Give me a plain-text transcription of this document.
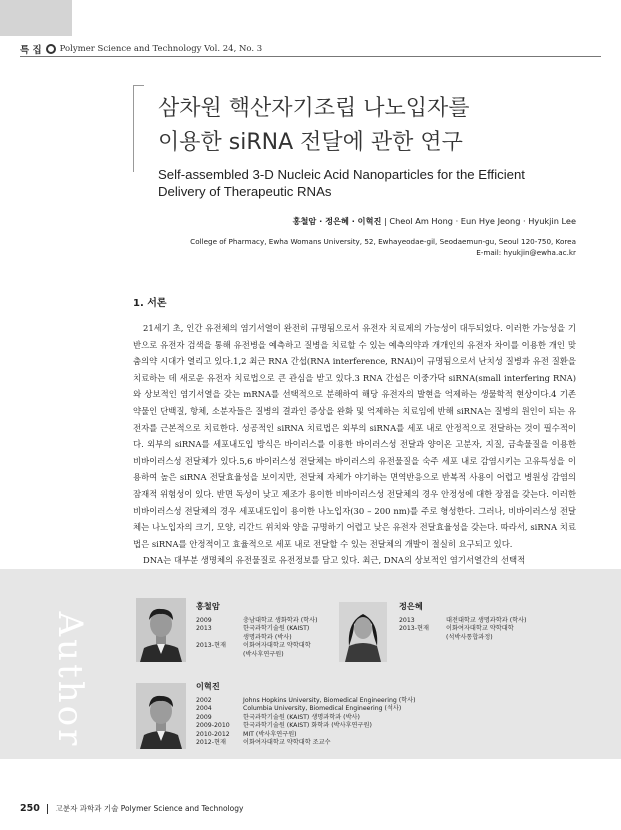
특 집 Polymer Science and Technology Vol. 24, No. 3
삼차원 핵산자기조립 나노입자를
이용한 siRNA 전달에 관한 연구
Self-assembled 3-D Nucleic Acid Nanoparticles for the Efficient
Delivery of Therapeutic RNAs
홍철암 · 정은혜 · 이혁진 | Cheol Am Hong · Eun Hye Jeong · Hyukjin Lee
College of Pharmacy, Ewha Womans University, 52, Ewhayeodae-gil, Seodaemun-gu, Seoul 120-750, Korea
E-mail: hyukjin@ewha.ac.kr
1. 서론

21세기 초, 인간 유전체의 염기서열이 완전히 규명됨으로서 유전자 치료제의 가능성이 대두되었다. 이러한 가능성을 기반으로 유전자 검색을 통해 유전병을 예측하고 질병을 치료할 수 있는 예측의약과 개개인의 유전자 차이를 이용한 개인 맞춤의약 시대가 열리고 있다.1,2 최근 RNA 간섭(RNA interference, RNAi)이 규명됨으로서 난치성 질병과 유전 질환을 치료하는 데 새로운 유전자 치료법으로 큰 관심을 받고 있다.3 RNA 간섭은 이중가닥 siRNA(small interfering RNA)와 상보적인 염기서열을 갖는 mRNA를 선택적으로 분해하여 해당 유전자의 발현을 억제하는 생물학적 현상이다.4 기존 약물인 단백질, 항체, 소분자들은 질병의 결과인 증상을 완화 및 억제하는 치료임에 반해 siRNA는 질병의 원인이 되는 유전자를 근본적으로 치료한다. 성공적인 siRNA 치료법은 외부의 siRNA를 세포 내로 안정적으로 전달하는 것이 필수적이다. 외부의 siRNA를 세포내도입 방식은 바이러스를 이용한 바이러스성 전달과 양이온 고분자, 지질, 금속물질을 이용한 비바이러스성 전달체가 있다.5,6 바이러스성 전달체는 바이러스의 유전물질을 숙주 세포 내로 감염시키는 고유특성을 이용하여 높은 siRNA 전달효율성을 보이지만, 전달체 자체가 야기하는 면역반응으로 반복적 사용이 어렵고 병원성 감염의 잠재적 위험성이 있다. 반면 독성이 낮고 제조가 용이한 비바이러스성 전달체의 경우 안정성에 대한 장점을 갖는다. 이러한 비바이러스성 전달체의 경우 세포내도입이 용이한 나노입자(30 – 200 nm)를 주로 형성한다. 그러나, 비바이러스성 전달체는 나노입자의 크기, 모양, 리간드 위치와 양을 규명하기 어렵고 낮은 유전자 전달효율성을 갖는다. 따라서, siRNA 치료법은 siRNA를 안정적이고 효율적으로 세포 내로 전달할 수 있는 전달체의 개발이 절실히 요구되고 있다.

DNA는 대부분 생명체의 유전물질로 유전정보를 담고 있다. 최근, DNA의 상보적인 염기서열간의 선택적

Author
홍철암
2009	충남대학교 생화학과 (학사)
2013	한국과학기술원 (KAIST)
생명과학과 (박사)
2013-현재	이화여자대학교 약학대학
(박사후연구원)
정은혜
2013	대전대학교 생명과학과 (학사)
2013-현재	이화여자대학교 약학대학
(석박사통합과정)
이혁진
2002	Johns Hopkins University, Biomedical Engineering (학사)
2004	Columbia University, Biomedical Engineering (석사)
2009	한국과학기술원 (KAIST) 생명과학과 (박사)
2009-2010	한국과학기술원 (KAIST) 화학과 (박사후연구원)
2010-2012	MIT (박사후연구원)
2012-현재	이화여자대학교 약학대학 조교수
250 고분자 과학과 기술 Polymer Science and Technology
